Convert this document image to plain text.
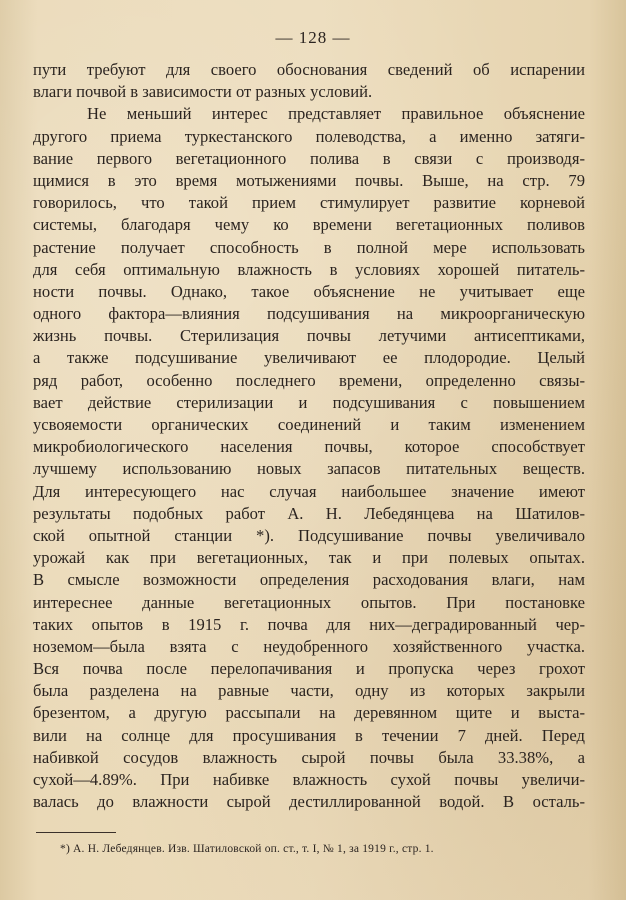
— 128 —
пути требуют для своего обоснования сведений об испарении
влаги почвой в зависимости от разных условий.
Не меньший интерес представляет правильное объяснение
другого приема туркестанского полеводства, а именно затяги-
вание первого вегетационного полива в связи с производя-
щимися в это время мотыжениями почвы. Выше, на стр. 79
говорилось, что такой прием стимулирует развитие корневой
системы, благодаря чему ко времени вегетационных поливов
растение получает способность в полной мере использовать
для себя оптимальную влажность в условиях хорошей питатель-
ности почвы. Однако, такое объяснение не учитывает еще
одного фактора—влияния подсушивания на микроорганическую
жизнь почвы. Стерилизация почвы летучими антисептиками,
а также подсушивание увеличивают ее плодородие. Целый
ряд работ, особенно последнего времени, определенно связы-
вает действие стерилизации и подсушивания с повышением
усвояемости органических соединений и таким изменением
микробиологического населения почвы, которое способствует
лучшему использованию новых запасов питательных веществ.
Для интересующего нас случая наибольшее значение имеют
результаты подобных работ А. Н. Лебедянцева на Шатилов-
ской опытной станции *). Подсушивание почвы увеличивало
урожай как при вегетационных, так и при полевых опытах.
В смысле возможности определения расходования влаги, нам
интереснее данные вегетационных опытов. При постановке
таких опытов в 1915 г. почва для них—деградированный чер-
ноземом—была взята с неудобренного хозяйственного участка.
Вся почва после перелопачивания и пропуска через грохот
была разделена на равные части, одну из которых закрыли
брезентом, а другую рассыпали на деревянном щите и выста-
вили на солнце для просушивания в течении 7 дней. Перед
набивкой сосудов влажность сырой почвы была 33.38%, а
сухой—4.89%. При набивке влажность сухой почвы увеличи-
валась до влажности сырой дестиллированной водой. В осталь-
*) А. Н. Лебедянцев. Изв. Шатиловской оп. ст., т. I, № 1, за 1919 г., стр. 1.
